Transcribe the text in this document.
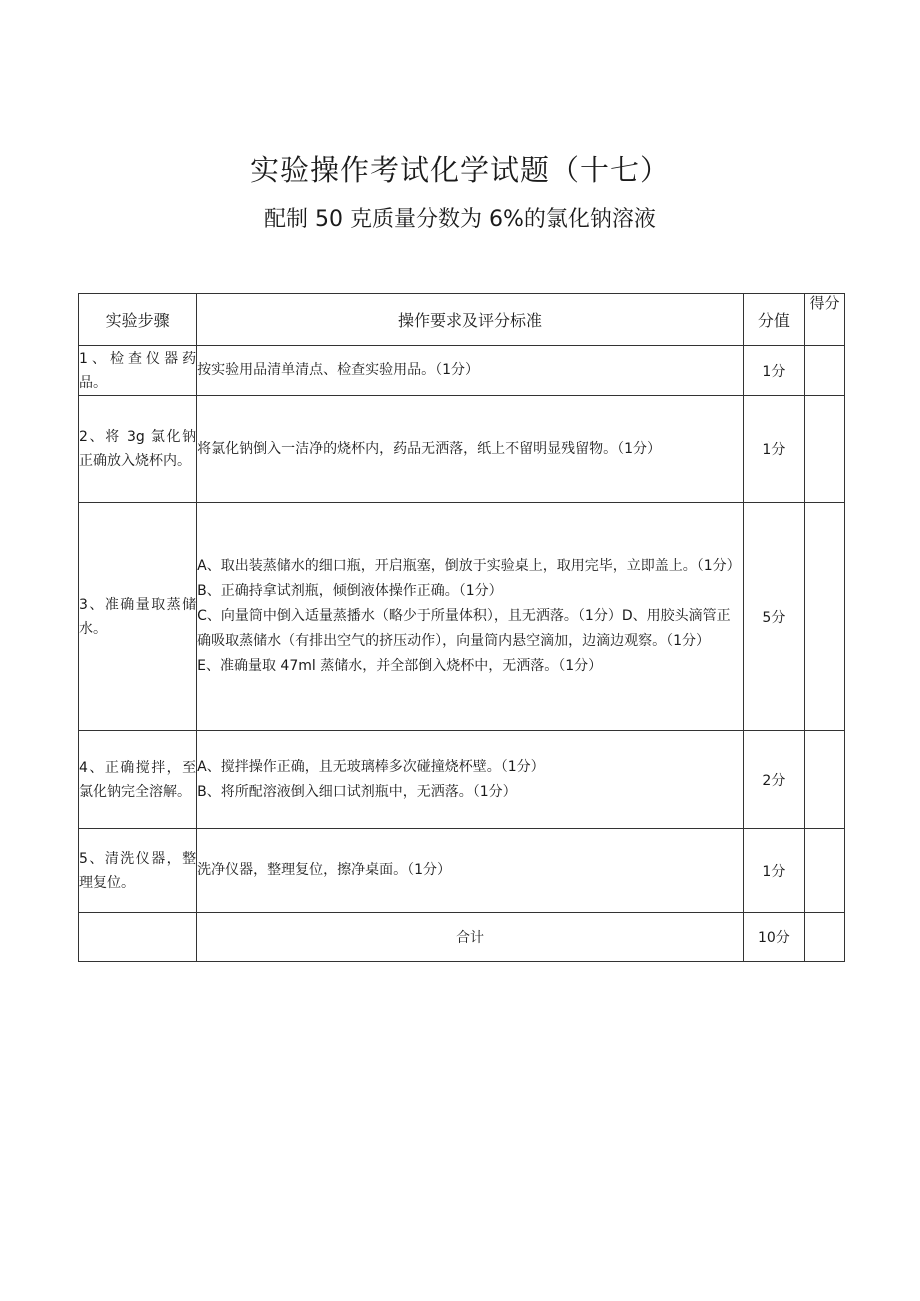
实验操作考试化学试题（十七）
配制 50 克质量分数为 6%的氯化钠溶液
实验步骤	操作要求及评分标准	分值	得分
1、检查仪器药品。	按实验用品清单清点、检查实验用品。（1分）	1分	
2、将 3g 氯化钠正确放入烧杯内。	将氯化钠倒入一洁净的烧杯内，药品无洒落，纸上不留明显残留物。（1分）	1分	
3、准确量取蒸储水。	A、取出装蒸储水的细口瓶，开启瓶塞，倒放于实验桌上，取用完毕，立即盖上。（1分）
B、正确持拿试剂瓶，倾倒液体操作正确。（1分）
C、向量筒中倒入适量蒸播水（略少于所量体积），且无洒落。（1分）D、用胶头滴管正确吸取蒸储水（有排出空气的挤压动作），向量筒内悬空滴加，边滴边观察。（1分）
E、准确量取 47ml 蒸储水，并全部倒入烧杯中，无洒落。（1分）	5分	
4、正确搅拌，至氯化钠完全溶解。	A、搅拌操作正确，且无玻璃棒多次碰撞烧杯壁。（1分）
B、将所配溶液倒入细口试剂瓶中，无洒落。（1分）	2分	
5、清洗仪器，整理复位。	洗净仪器，整理复位，擦净桌面。（1分）	1分	
	合计	10分	
